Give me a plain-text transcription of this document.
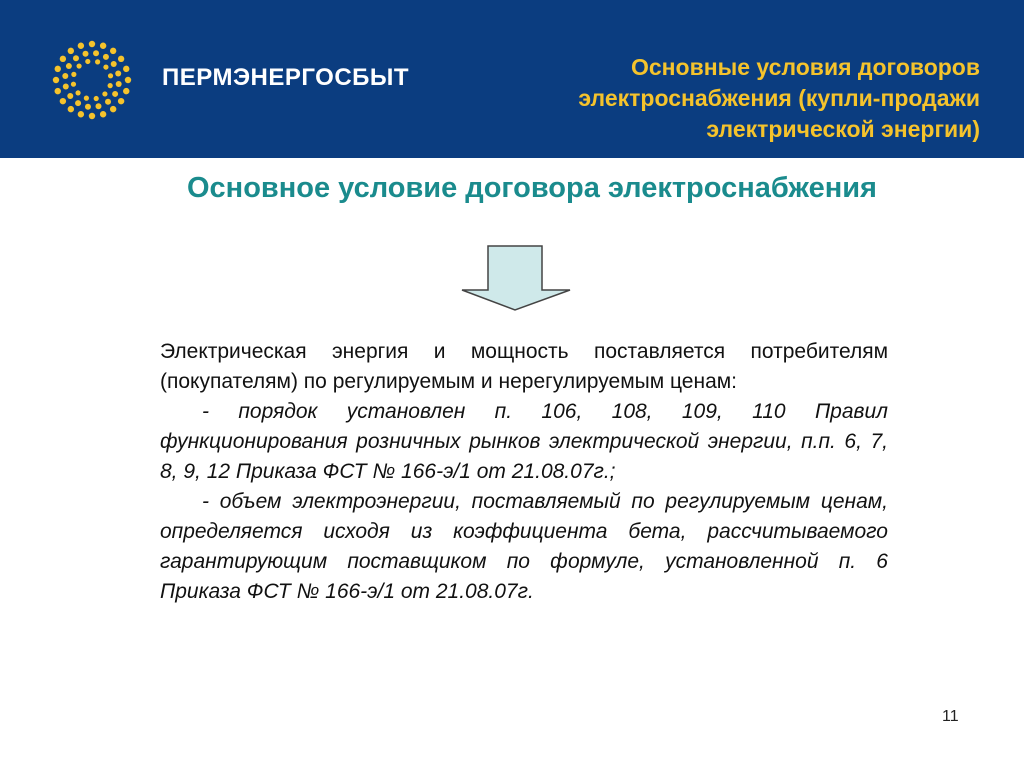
ПЕРМЭНЕРГОСБЫТ	Основные условия договоров
электроснабжения (купли-продажи
электрической энергии)
Основное условие договора электроснабжения

Электрическая энергия и мощность поставляется потребителям (покупателям) по регулируемым и нерегулируемым ценам:

- порядок установлен п. 106, 108, 109, 110 Правил функционирования розничных рынков электрической энергии, п.п. 6, 7, 8, 9, 12 Приказа ФСТ № 166-э/1 от 21.08.07г.;

- объем электроэнергии, поставляемый по регулируемым ценам, определяется исходя из коэффициента бета, рассчитываемого гарантирующим поставщиком по формуле, установленной п. 6 Приказа ФСТ № 166-э/1 от 21.08.07г.

11
